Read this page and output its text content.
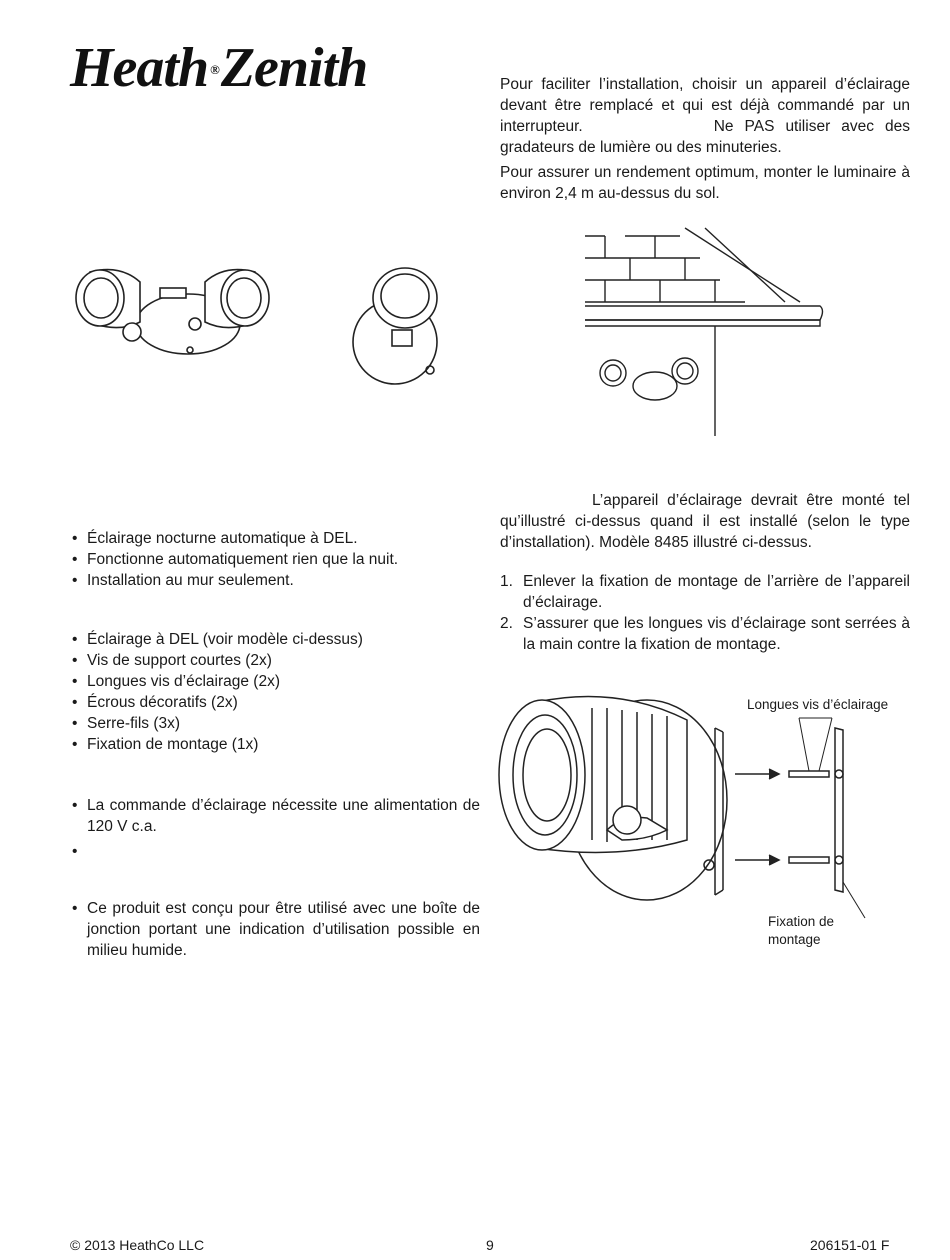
Heath ®Zenith	Pour faciliter l’installation, choisir un appareil d’éclairage devant être remplacé et qui est déjà commandé par un interrupteur.	Ne PAS utiliser avec des gradateurs de lumière ou des minuteries.

Pour assurer un rendement optimum, monter le luminaire à environ 2,4 m au-dessus du sol.

L’appareil d’éclairage devrait être monté tel qu’illustré ci-dessus quand il est installé (selon le type d’installation). Modèle 8485 illustré ci-dessus.
• Éclairage nocturne automatique à DEL.
• Fonctionne automatiquement rien que la nuit.
• Installation au mur seulement.	1. Enlever la fixation de montage de l’arrière de l’appareil d’éclairage.
2. S’assurer que les longues vis d’éclairage sont serrées à la main contre la fixation de montage.
• Éclairage à DEL (voir modèle ci-dessus)
• Vis de support courtes (2x)
• Longues vis d’éclairage (2x)
• Écrous décoratifs (2x)
• Serre-fils (3x)
• Fixation de montage (1x)
Longues vis d’éclairage
Fixation de
montage
• La commande d’éclairage nécessite une alimentation de 120 V c.a.
•
• Ce produit est conçu pour être utilisé avec une boîte de jonction portant une indication d’utilisation possible en milieu humide.
© 2013 HeathCo LLC	9	206151-01 F
